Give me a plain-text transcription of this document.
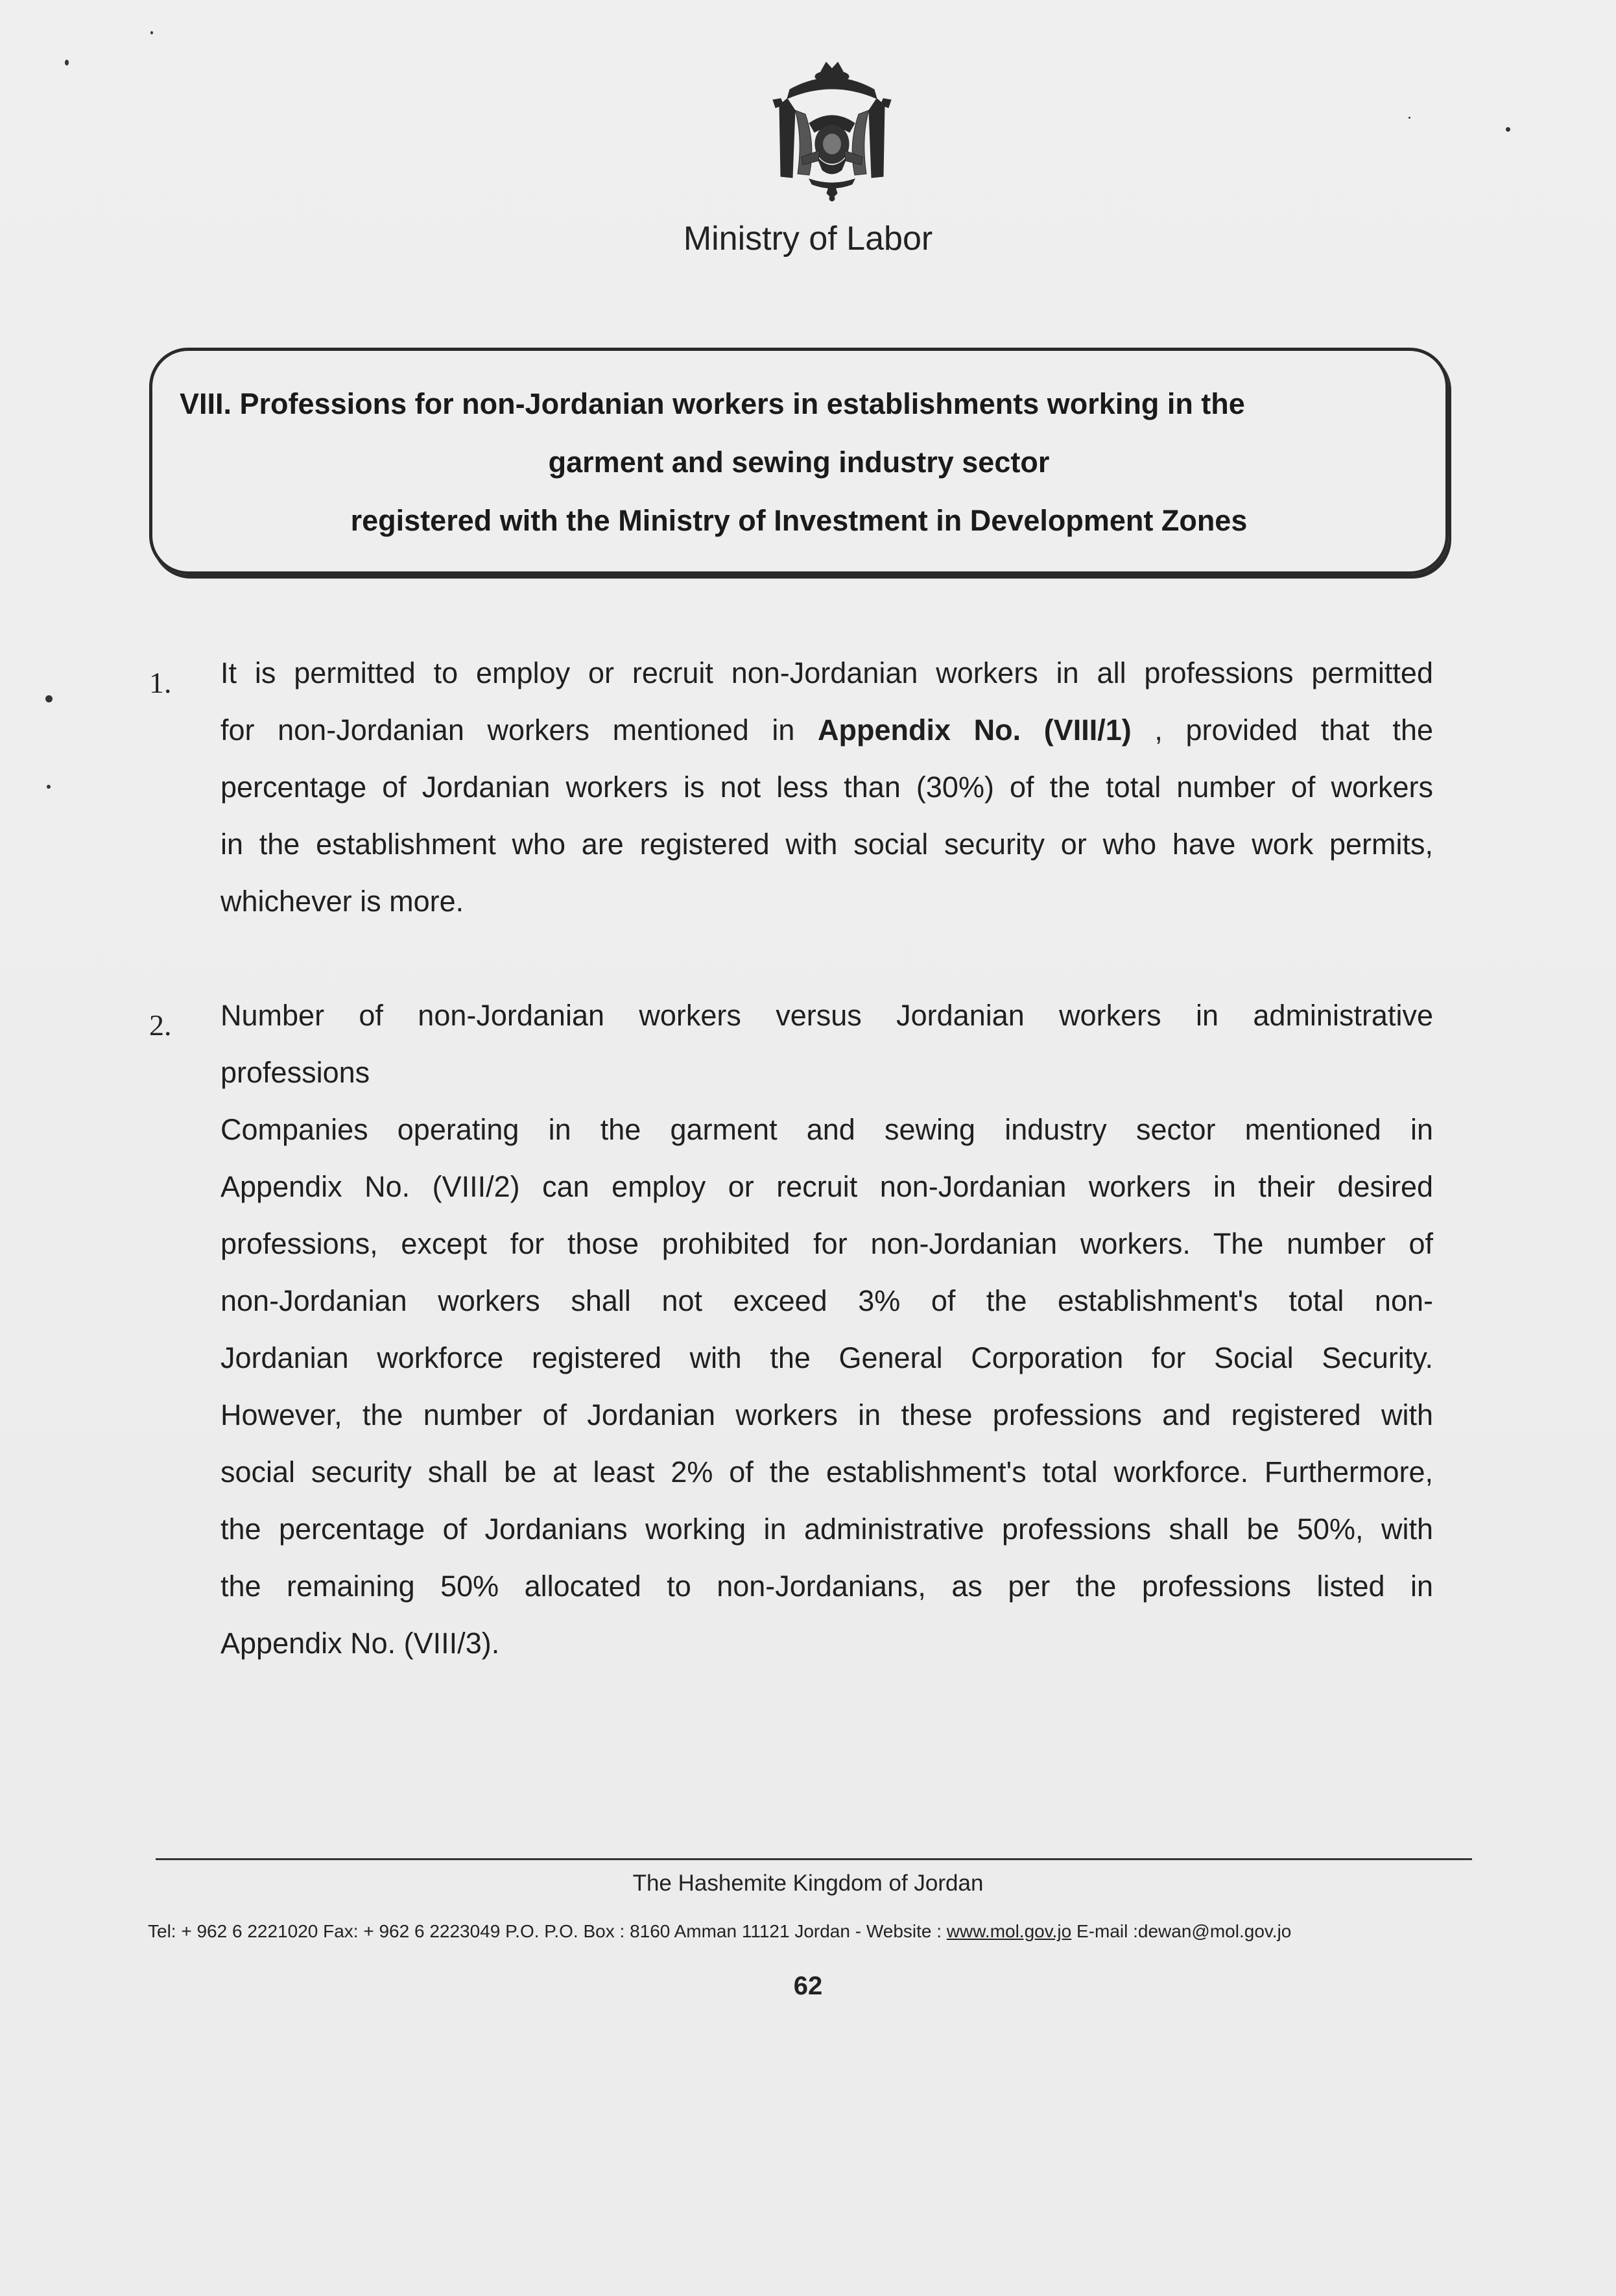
Ministry of Labor
VIII. Professions for non-Jordanian workers in establishments working in the
garment and sewing industry sector
registered with the Ministry of Investment in Development Zones
1. It is permitted to employ or recruit non-Jordanian workers in all professions permitted
for non-Jordanian workers mentioned in Appendix No. (VIII/1) , provided that the
percentage of Jordanian workers is not less than (30%) of the total number of workers
in the establishment who are registered with social security or who have work permits,
whichever is more.
2. Number of non-Jordanian workers versus Jordanian workers in administrative
professions
Companies operating in the garment and sewing industry sector mentioned in
Appendix No. (VIII/2) can employ or recruit non-Jordanian workers in their desired
professions, except for those prohibited for non-Jordanian workers. The number of
non-Jordanian workers shall not exceed 3% of the establishment's total non-
Jordanian workforce registered with the General Corporation for Social Security.
However, the number of Jordanian workers in these professions and registered with
social security shall be at least 2% of the establishment's total workforce. Furthermore,
the percentage of Jordanians working in administrative professions shall be 50%, with
the remaining 50% allocated to non-Jordanians, as per the professions listed in
Appendix No. (VIII/3).
The Hashemite Kingdom of Jordan
Tel: + 962 6 2221020 Fax: + 962 6 2223049 P.O. P.O. Box : 8160 Amman 11121 Jordan - Website : www.mol.gov.jo E-mail :dewan@mol.gov.jo
62
